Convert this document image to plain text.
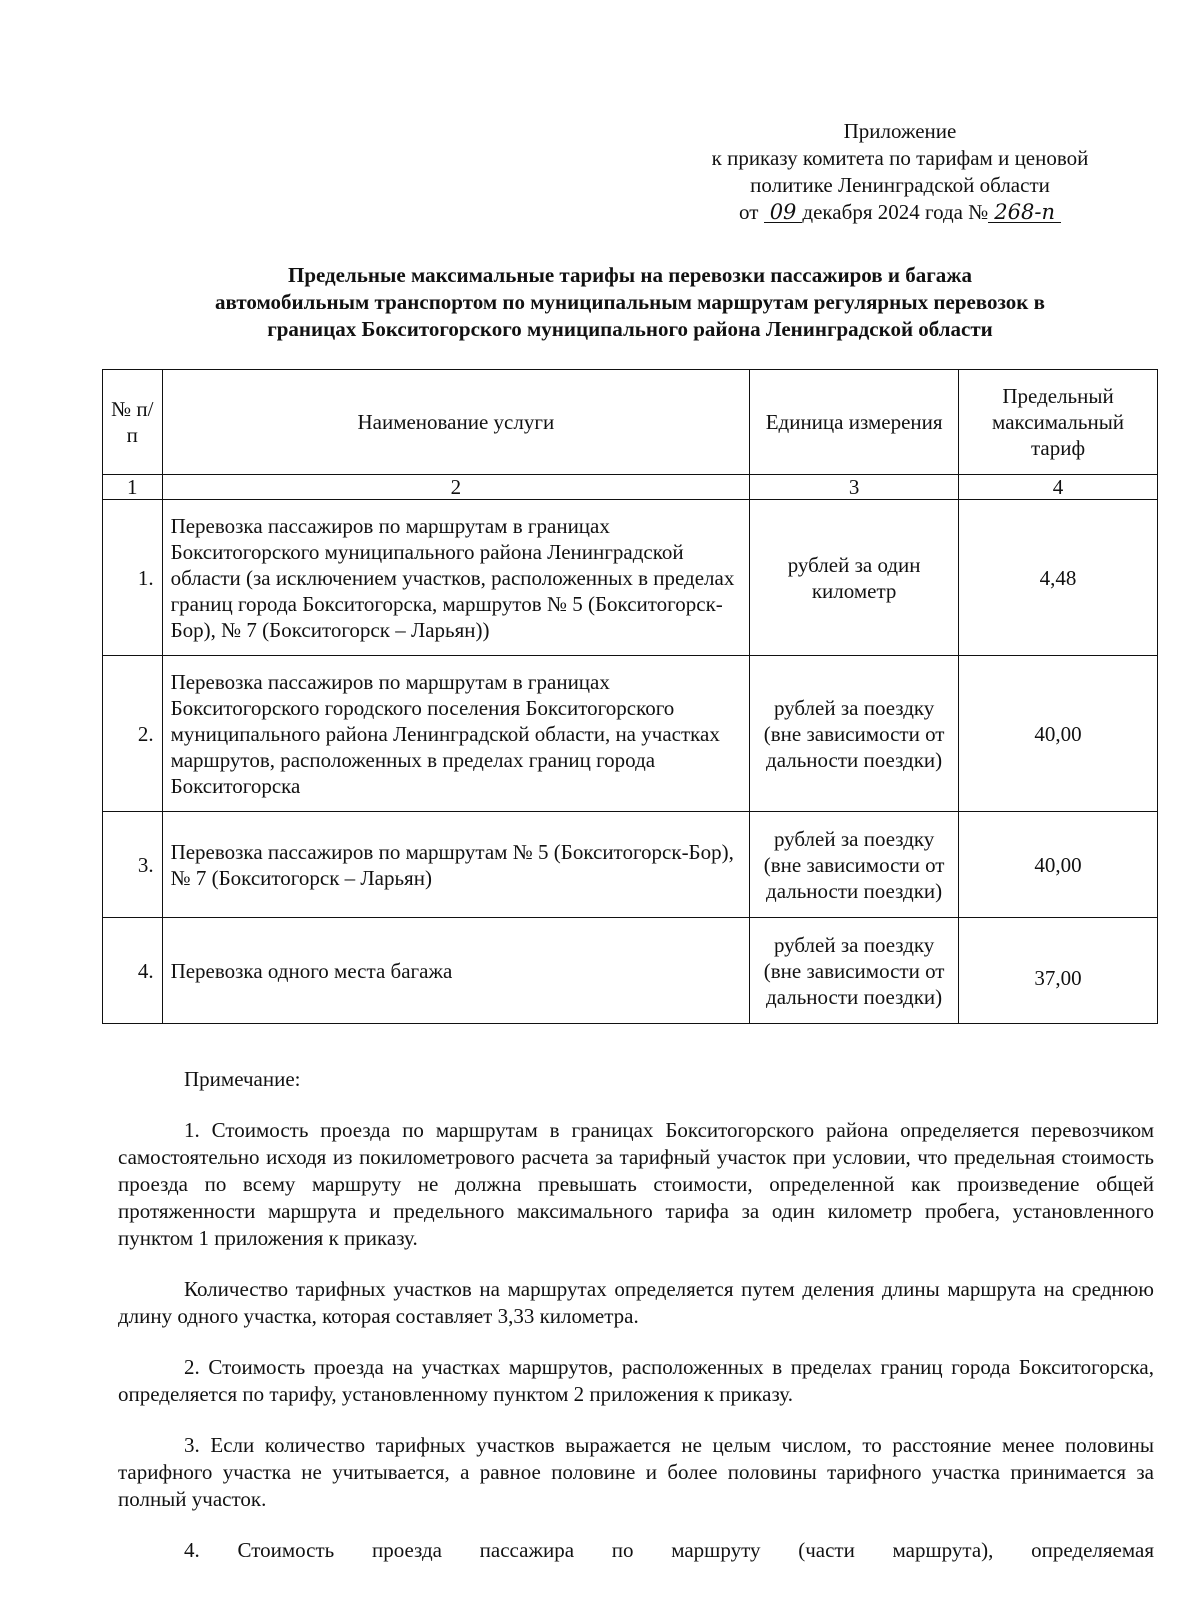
Приложение
к приказу комитета по тарифам и ценовой
политике Ленинградской области
от 09 декабря 2024 года № 268-п
Предельные максимальные тарифы на перевозки пассажиров и багажа
автомобильным транспортом по муниципальным маршрутам регулярных перевозок в
границах Бокситогорского муниципального района Ленинградской области
№ п/п	Наименование услуги	Единица измерения	Предельный максимальный тариф
1	2	3	4
1.	Перевозка пассажиров по маршрутам в границах Бокситогорского муниципального района Ленинградской области (за исключением участков, расположенных в пределах границ города Бокситогорска, маршрутов № 5 (Бокситогорск-Бор), № 7 (Бокситогорск – Ларьян))	рублей за один километр	4,48
2.	Перевозка пассажиров по маршрутам в границах Бокситогорского городского поселения Бокситогорского муниципального района Ленинградской области, на участках маршрутов, расположенных в пределах границ города Бокситогорска	рублей за поездку (вне зависимости от дальности поездки)	40,00
3.	Перевозка пассажиров по маршрутам № 5 (Бокситогорск-Бор), № 7 (Бокситогорск – Ларьян)	рублей за поездку (вне зависимости от дальности поездки)	40,00
4.	Перевозка одного места багажа	рублей за поездку (вне зависимости от дальности поездки)	37,00
Примечание:

1. Стоимость проезда по маршрутам в границах Бокситогорского района определяется перевозчиком самостоятельно исходя из покилометрового расчета за тарифный участок при условии, что предельная стоимость проезда по всему маршруту не должна превышать стоимости, определенной как произведение общей протяженности маршрута и предельного максимального тарифа за один километр пробега, установленного пунктом 1 приложения к приказу.

Количество тарифных участков на маршрутах определяется путем деления длины маршрута на среднюю длину одного участка, которая составляет 3,33 километра.

2. Стоимость проезда на участках маршрутов, расположенных в пределах границ города Бокситогорска, определяется по тарифу, установленному пунктом 2 приложения к приказу.

3. Если количество тарифных участков выражается не целым числом, то расстояние менее половины тарифного участка не учитывается, а равное половине и более половины тарифного участка принимается за полный участок.

4. Стоимость проезда пассажира по маршруту (части маршрута), определяемая
